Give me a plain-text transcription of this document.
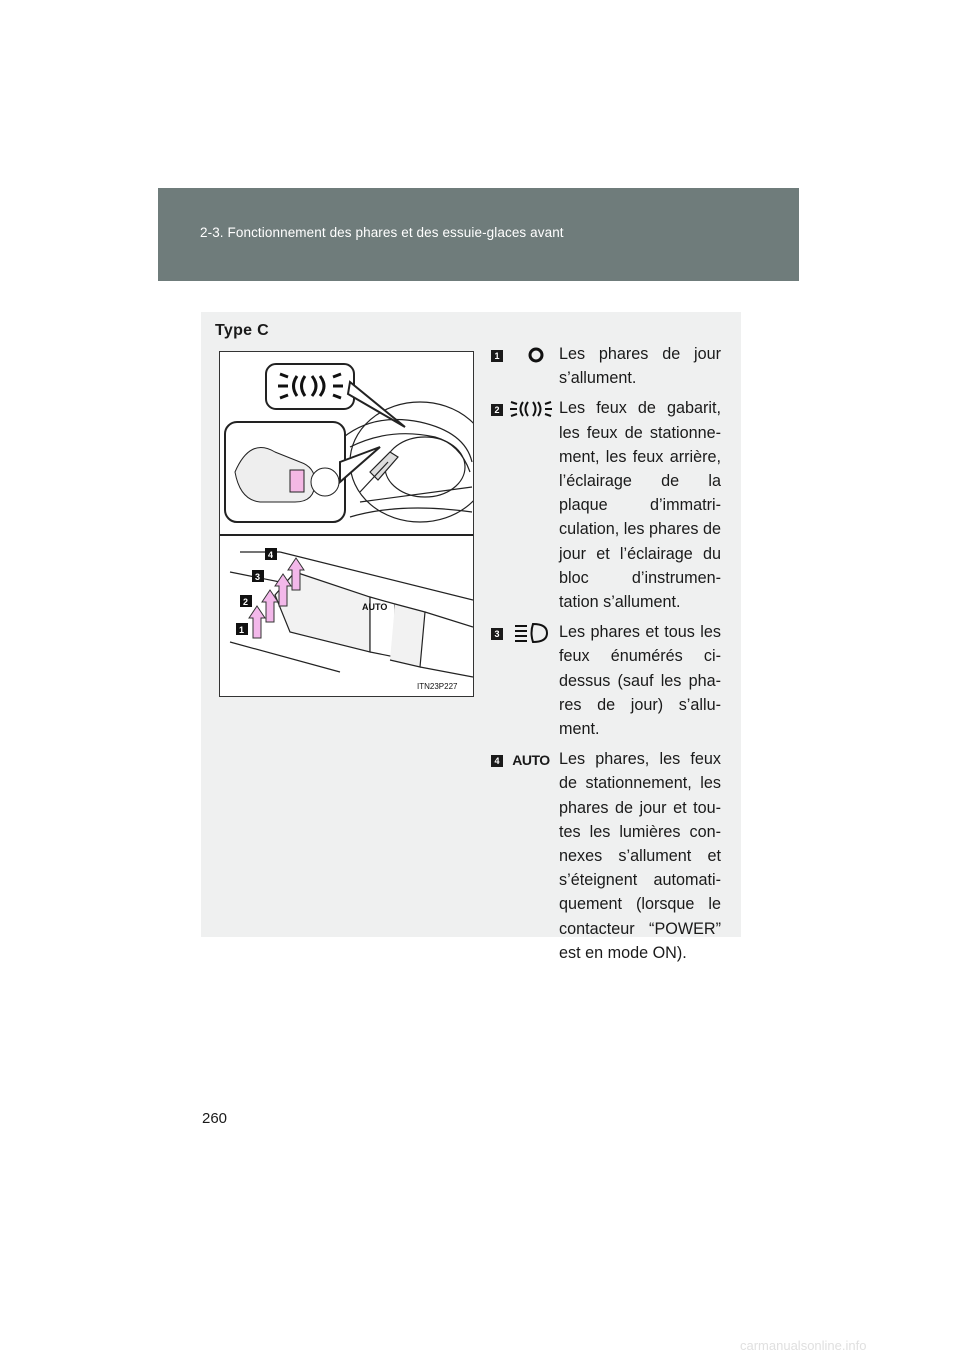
2-3. Fonctionnement des phares et des essuie-glaces avant
Type C
AUTO
4
3
2
1
ITN23P227
1	Les phares de jour s’allument.
2	Les feux de gabarit, les feux de stationne-ment, les feux arrière, l’éclairage de la plaque d’immatri-culation, les phares de jour et l’éclairage du bloc d’instrumen-tation s’allument.
3	Les phares et tous les feux énumérés ci-dessus (sauf les pha-res de jour) s’allu-ment.
4 AUTO Les phares, les feux de stationnement, les phares de jour et tou-tes les lumières con-nexes s’allument et s’éteignent automati-quement (lorsque le contacteur “POWER” est en mode ON).
260
carmanualsonline.info
